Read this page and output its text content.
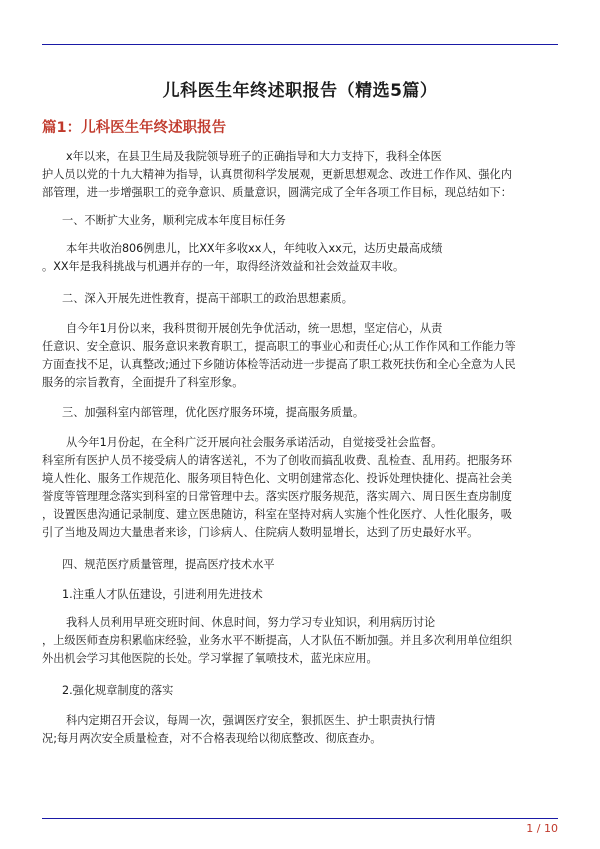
儿科医生年终述职报告（精选5篇）
篇1：儿科医生年终述职报告

x年以来，在县卫生局及我院领导班子的正确指导和大力支持下，我科全体医
护人员以党的十九大精神为指导，认真贯彻科学发展观，更新思想观念、改进工作作风、强化内
部管理，进一步增强职工的竞争意识、质量意识，圆满完成了全年各项工作目标，现总结如下：

一、不断扩大业务，顺利完成本年度目标任务

本年共收治806例患儿，比XX年多收xx人，年纯收入xx元，达历史最高成绩
。XX年是我科挑战与机遇并存的一年，取得经济效益和社会效益双丰收。

二、深入开展先进性教育，提高干部职工的政治思想素质。

自今年1月份以来，我科贯彻开展创先争优活动，统一思想，坚定信心，从责
任意识、安全意识、服务意识来教育职工，提高职工的事业心和责任心;从工作作风和工作能力等
方面查找不足，认真整改;通过下乡随访体检等活动进一步提高了职工救死扶伤和全心全意为人民
服务的宗旨教育，全面提升了科室形象。

三、加强科室内部管理，优化医疗服务环境，提高服务质量。

从今年1月份起，在全科广泛开展向社会服务承诺活动，自觉接受社会监督。
科室所有医护人员不接受病人的请客送礼，不为了创收而搞乱收费、乱检查、乱用药。把服务环
境人性化、服务工作规范化、服务项目特色化、文明创建常态化、投诉处理快捷化、提高社会美
誉度等管理理念落实到科室的日常管理中去。落实医疗服务规范，落实周六、周日医生查房制度
，设置医患沟通记录制度、建立医患随访，科室在坚持对病人实施个性化医疗、人性化服务，吸
引了当地及周边大量患者来诊，门诊病人、住院病人数明显增长，达到了历史最好水平。

四、规范医疗质量管理，提高医疗技术水平

1.注重人才队伍建设，引进利用先进技术

我科人员利用早班交班时间、休息时间，努力学习专业知识，利用病历讨论
，上级医师查房积累临床经验，业务水平不断提高，人才队伍不断加强。并且多次利用单位组织
外出机会学习其他医院的长处。学习掌握了氧喷技术，蓝光床应用。

2.强化规章制度的落实

科内定期召开会议，每周一次，强调医疗安全，狠抓医生、护士职责执行情
况;每月两次安全质量检查，对不合格表现给以彻底整改、彻底查办。

1 / 10
